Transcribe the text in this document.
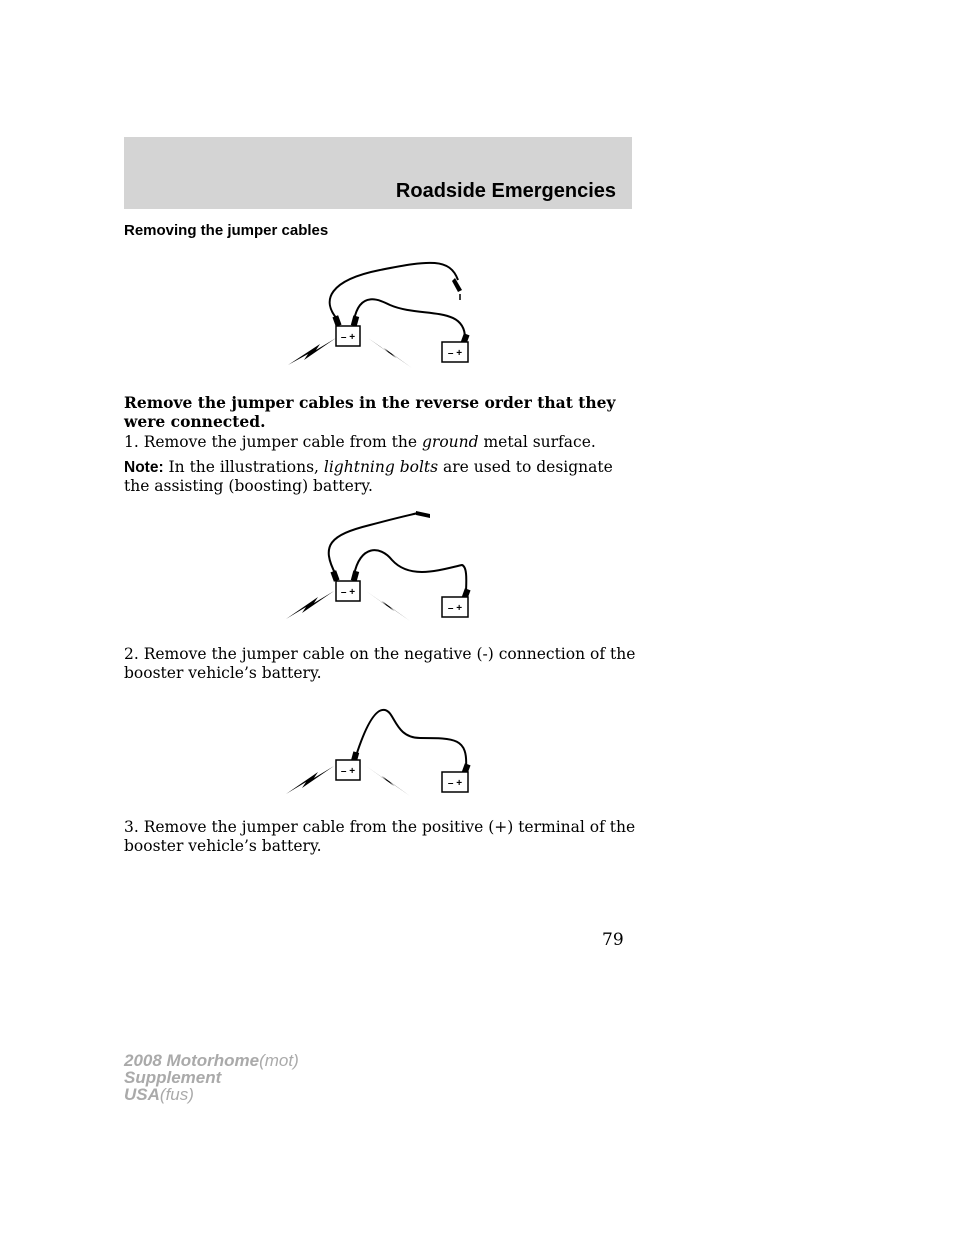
Roadside Emergencies
Removing the jumper cables
– +
– +
Remove the jumper cables in the reverse order that they were connected.
1. Remove the jumper cable from the ground metal surface.
Note: In the illustrations, lightning bolts are used to designate the assisting (boosting) battery.
– +
– +
2. Remove the jumper cable on the negative (-) connection of the booster vehicle’s battery.
– +
– +
3. Remove the jumper cable from the positive (+) terminal of the booster vehicle’s battery.
79
2008 Motorhome(mot)
Supplement
USA(fus)
